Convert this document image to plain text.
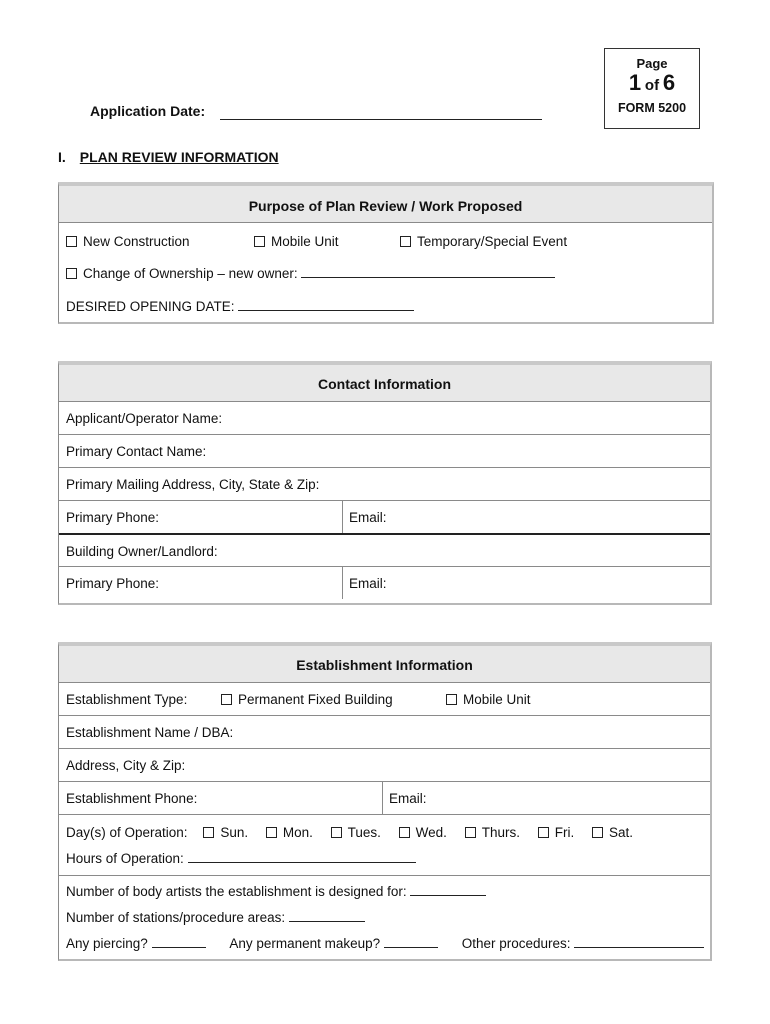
Page
1 of 6
FORM 5200
Application Date:
I. PLAN REVIEW INFORMATION
Purpose of Plan Review / Work Proposed
New Construction	Mobile Unit	Temporary/Special Event
Change of Ownership – new owner:
DESIRED OPENING DATE:
Contact Information
Applicant/Operator Name:
Primary Contact Name:
Primary Mailing Address, City, State & Zip:
Primary Phone:	Email:
Building Owner/Landlord:
Primary Phone:	Email:
Establishment Information
Establishment Type:	Permanent Fixed Building	Mobile Unit
Establishment Name / DBA:
Address, City & Zip:
Establishment Phone:	Email:
Day(s) of Operation: Sun.	Mon.	Tues.	Wed.	Thurs.	Fri.	Sat.
Hours of Operation:
Number of body artists the establishment is designed for:
Number of stations/procedure areas:
Any piercing?	Any permanent makeup?	Other procedures:
